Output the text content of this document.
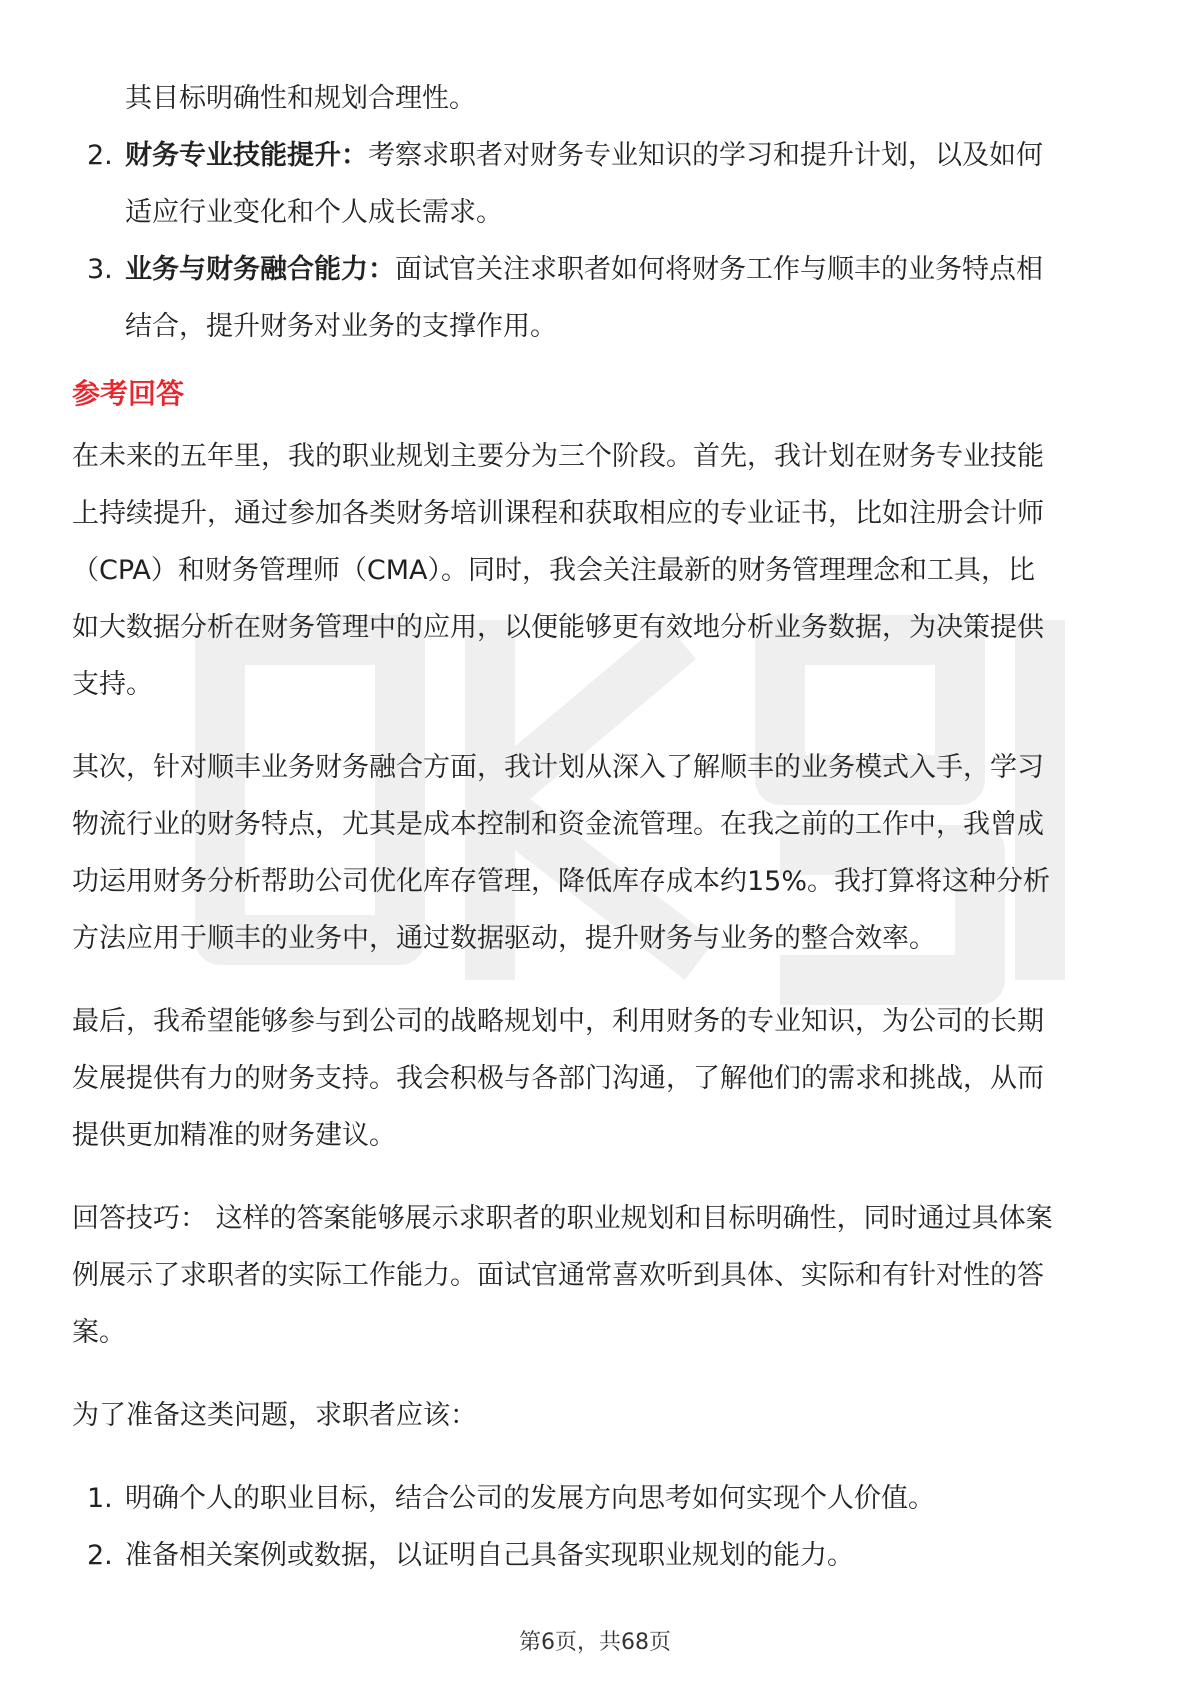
其目标明确性和规划合理性。
2. 财务专业技能提升：考察求职者对财务专业知识的学习和提升计划，以及如何
适应行业变化和个人成长需求。
3. 业务与财务融合能力：面试官关注求职者如何将财务工作与顺丰的业务特点相
结合，提升财务对业务的支撑作用。
参考回答
在未来的五年里，我的职业规划主要分为三个阶段。首先，我计划在财务专业技能
上持续提升，通过参加各类财务培训课程和获取相应的专业证书，比如注册会计师
（CPA）和财务管理师（CMA）。同时，我会关注最新的财务管理理念和工具，比
如大数据分析在财务管理中的应用，以便能够更有效地分析业务数据，为决策提供
支持。
其次，针对顺丰业务财务融合方面，我计划从深入了解顺丰的业务模式入手，学习
物流行业的财务特点，尤其是成本控制和资金流管理。在我之前的工作中，我曾成
功运用财务分析帮助公司优化库存管理，降低库存成本约15%。我打算将这种分析
方法应用于顺丰的业务中，通过数据驱动，提升财务与业务的整合效率。
最后，我希望能够参与到公司的战略规划中，利用财务的专业知识，为公司的长期
发展提供有力的财务支持。我会积极与各部门沟通，了解他们的需求和挑战，从而
提供更加精准的财务建议。
回答技巧： 这样的答案能够展示求职者的职业规划和目标明确性，同时通过具体案
例展示了求职者的实际工作能力。面试官通常喜欢听到具体、实际和有针对性的答
案。
为了准备这类问题，求职者应该：
1. 明确个人的职业目标，结合公司的发展方向思考如何实现个人价值。
2. 准备相关案例或数据，以证明自己具备实现职业规划的能力。
第6页，共68页
